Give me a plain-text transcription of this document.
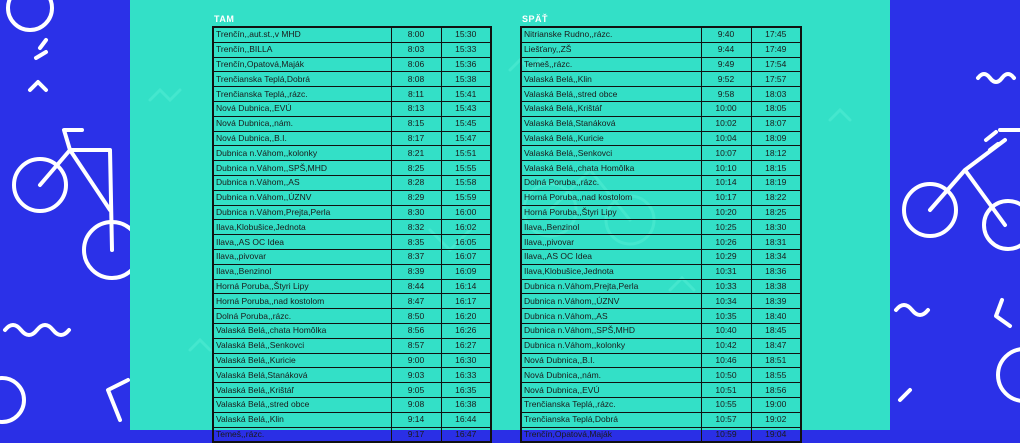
TAM	SPÄŤ
Trenčín,,aut.st.,v MHD	8:00	15:30
Trenčín,,BILLA	8:03	15:33
Trenčín,Opatová,Maják	8:06	15:36
Trenčianska Teplá,Dobrá	8:08	15:38
Trenčianska Teplá,,rázc.	8:11	15:41
Nová Dubnica,,EVÚ	8:13	15:43
Nová Dubnica,,nám.	8:15	15:45
Nová Dubnica,,B.I.	8:17	15:47
Dubnica n.Váhom,,kolonky	8:21	15:51
Dubnica n.Váhom,,SPŠ,MHD	8:25	15:55
Dubnica n.Váhom,,AS	8:28	15:58
Dubnica n.Váhom,,ÚZNV	8:29	15:59
Dubnica n.Váhom,Prejta,Perla	8:30	16:00
Ilava,Klobušice,Jednota	8:32	16:02
Ilava,,AS OC Idea	8:35	16:05
Ilava,,pivovar	8:37	16:07
Ilava,,Benzinol	8:39	16:09
Horná Poruba,,Štyri Lipy	8:44	16:14
Horná Poruba,,nad kostolom	8:47	16:17
Dolná Poruba,,rázc.	8:50	16:20
Valaská Belá,,chata Homôlka	8:56	16:26
Valaská Belá,,Senkovci	8:57	16:27
Valaská Belá,,Kuricie	9:00	16:30
Valaská Belá,Stanáková	9:03	16:33
Valaská Belá,,Krištáľ	9:05	16:35
Valaská Belá,,stred obce	9:08	16:38
Valaská Belá,,Klin	9:14	16:44
Temeš,,rázc.	9:17	16:47
Nitrianske Rudno,,rázc.	9:40	17:45
Liešťany,,ZŠ	9:44	17:49
Temeš,,rázc.	9:49	17:54
Valaská Belá,,Klin	9:52	17:57
Valaská Belá,,stred obce	9:58	18:03
Valaská Belá,,Krištáľ	10:00	18:05
Valaská Belá,Stanáková	10:02	18:07
Valaská Belá,,Kuricie	10:04	18:09
Valaská Belá,,Senkovci	10:07	18:12
Valaská Belá,,chata Homôlka	10:10	18:15
Dolná Poruba,,rázc.	10:14	18:19
Horná Poruba,,nad kostolom	10:17	18:22
Horná Poruba,,Štyri Lipy	10:20	18:25
Ilava,,Benzinol	10:25	18:30
Ilava,,pivovar	10:26	18:31
Ilava,,AS OC Idea	10:29	18:34
Ilava,Klobušice,Jednota	10:31	18:36
Dubnica n.Váhom,Prejta,Perla	10:33	18:38
Dubnica n.Váhom,,ÚZNV	10:34	18:39
Dubnica n.Váhom,,AS	10:35	18:40
Dubnica n.Váhom,,SPŠ,MHD	10:40	18:45
Dubnica n.Váhom,,kolonky	10:42	18:47
Nová Dubnica,,B.I.	10:46	18:51
Nová Dubnica,,nám.	10:50	18:55
Nová Dubnica,,EVÚ	10:51	18:56
Trenčianska Teplá,,rázc.	10:55	19:00
Trenčianska Teplá,Dobrá	10:57	19:02
Trenčín,Opatová,Maják	10:59	19:04
